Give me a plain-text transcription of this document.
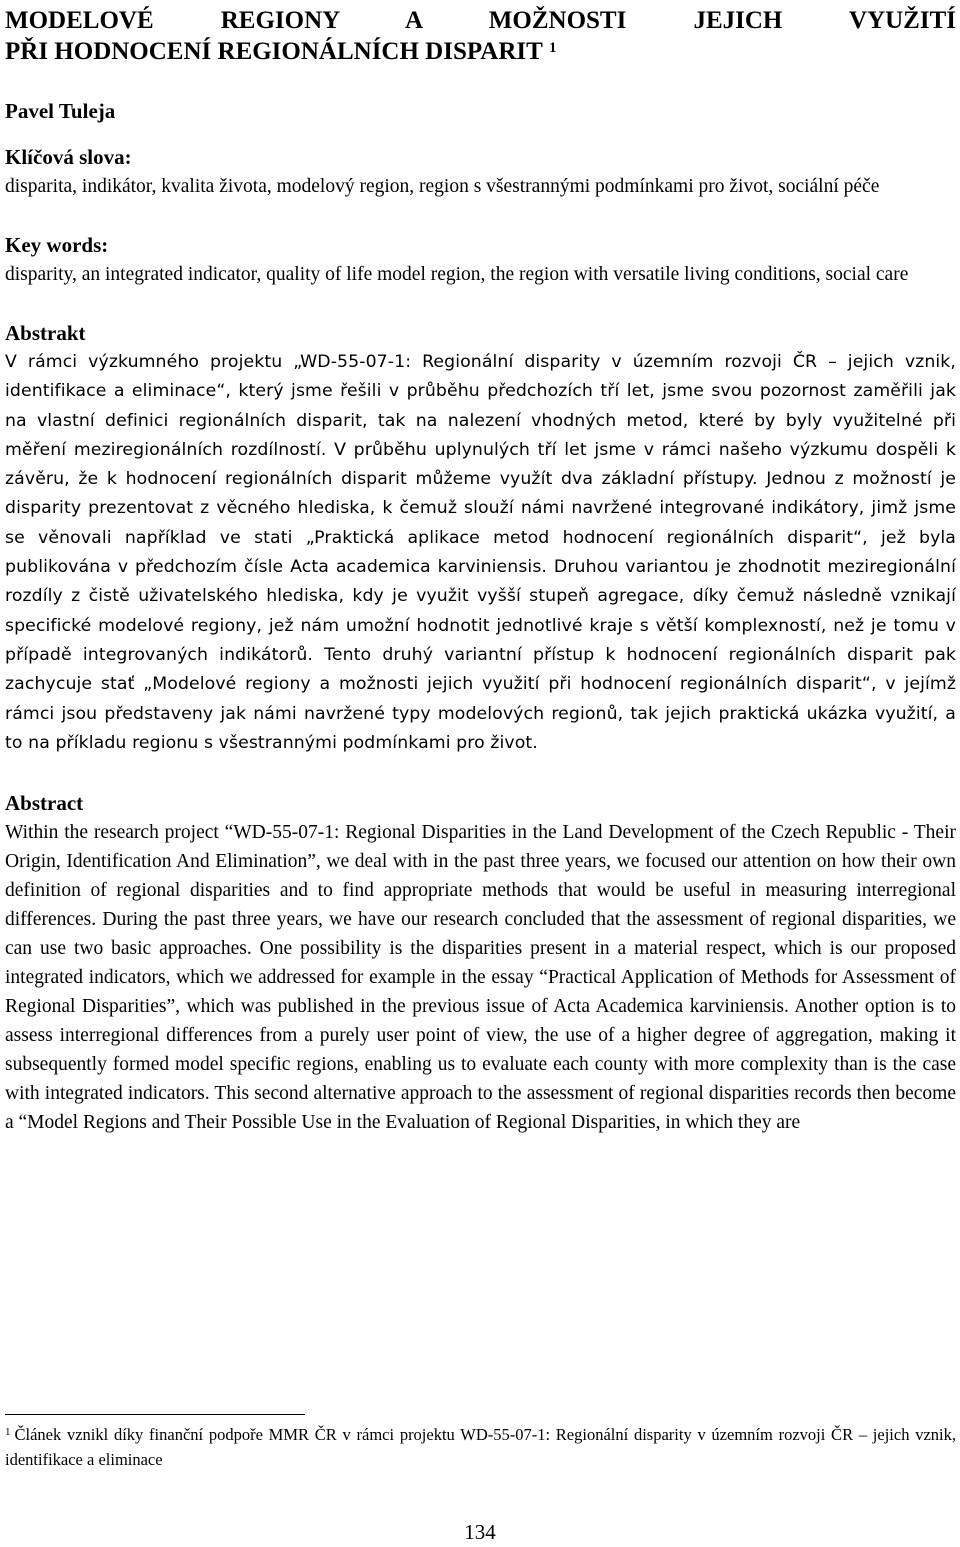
MODELOVÉ REGIONY A MOŽNOSTI JEJICH VYUŽITÍ
PŘI HODNOCENÍ REGIONÁLNÍCH DISPARIT $^1$
Pavel Tuleja
Klíčová slova:

disparita, indikátor, kvalita života, modelový region, region s všestrannými podmínkami pro život, sociální péče

Key words:

disparity, an integrated indicator, quality of life model region, the region with versatile living conditions, social care

Abstrakt

V rámci výzkumného projektu „WD-55-07-1: Regionální disparity v územním rozvoji ČR – jejich vznik, identifikace a eliminace“, který jsme řešili v průběhu předchozích tří let, jsme svou pozornost zaměřili jak na vlastní definici regionálních disparit, tak na nalezení vhodných metod, které by byly využitelné při měření meziregionálních rozdílností. V průběhu uplynulých tří let jsme v rámci našeho výzkumu dospěli k závěru, že k hodnocení regionálních disparit můžeme využít dva základní přístupy. Jednou z možností je disparity prezentovat z věcného hlediska, k čemuž slouží námi navržené integrované indikátory, jimž jsme se věnovali například ve stati „Praktická aplikace metod hodnocení regionálních disparit“, jež byla publikována v předchozím čísle Acta academica karviniensis. Druhou variantou je zhodnotit meziregionální rozdíly z čistě uživatelského hlediska, kdy je využit vyšší stupeň agregace, díky čemuž následně vznikají specifické modelové regiony, jež nám umožní hodnotit jednotlivé kraje s větší komplexností, než je tomu v případě integrovaných indikátorů. Tento druhý variantní přístup k hodnocení regionálních disparit pak zachycuje stať „Modelové regiony a možnosti jejich využití při hodnocení regionálních disparit“, v jejímž rámci jsou představeny jak námi navržené typy modelových regionů, tak jejich praktická ukázka využití, a to na příkladu regionu s všestrannými podmínkami pro život.

Abstract

Within the research project “WD-55-07-1: Regional Disparities in the Land Development of the Czech Republic - Their Origin, Identification And Elimination”, we deal with in the past three years, we focused our attention on how their own definition of regional disparities and to find appropriate methods that would be useful in measuring interregional differences. During the past three years, we have our research concluded that the assessment of regional disparities, we can use two basic approaches. One possibility is the disparities present in a material respect, which is our proposed integrated indicators, which we addressed for example in the essay “Practical Application of Methods for Assessment of Regional Disparities”, which was published in the previous issue of Acta Academica karviniensis. Another option is to assess interregional differences from a purely user point of view, the use of a higher degree of aggregation, making it subsequently formed model specific regions, enabling us to evaluate each county with more complexity than is the case with integrated indicators. This second alternative approach to the assessment of regional disparities records then become a “Model Regions and Their Possible Use in the Evaluation of Regional Disparities, in which they are

$^1$ Článek vznikl díky finanční podpoře MMR ČR v rámci projektu WD-55-07-1: Regionální disparity v územním rozvoji ČR – jejich vznik, identifikace a eliminace
134
